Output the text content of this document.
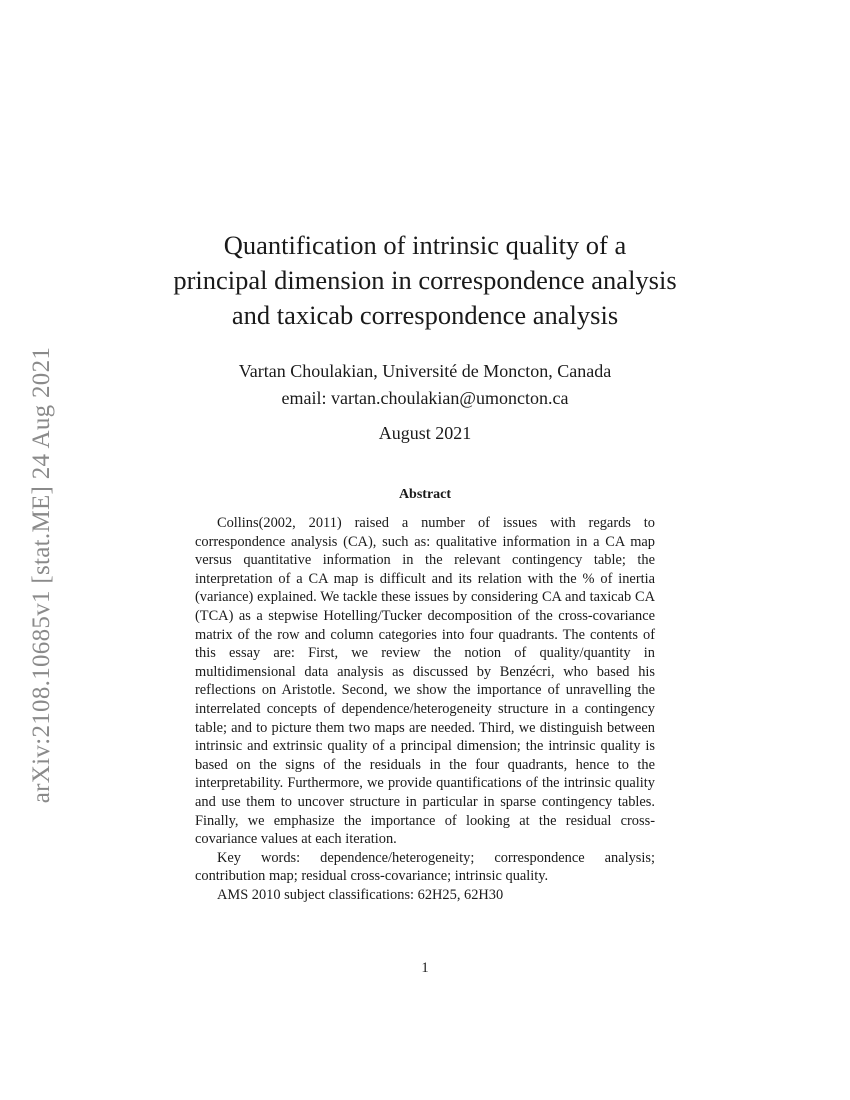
arXiv:2108.10685v1 [stat.ME] 24 Aug 2021
Quantification of intrinsic quality of a
principal dimension in correspondence analysis
and taxicab correspondence analysis
Vartan Choulakian, Université de Moncton, Canada
email: vartan.choulakian@umoncton.ca
August 2021
Abstract

Collins(2002, 2011) raised a number of issues with regards to correspondence analysis (CA), such as: qualitative information in a CA map versus quantitative information in the relevant contingency table; the interpretation of a CA map is difficult and its relation with the % of inertia (variance) explained. We tackle these issues by considering CA and taxicab CA (TCA) as a stepwise Hotelling/Tucker decomposition of the cross-covariance matrix of the row and column categories into four quadrants. The contents of this essay are: First, we review the notion of quality/quantity in multidimensional data analysis as discussed by Benzécri, who based his reflections on Aristotle. Second, we show the importance of unravelling the interrelated concepts of dependence/heterogeneity structure in a contingency table; and to picture them two maps are needed. Third, we distinguish between intrinsic and extrinsic quality of a principal dimension; the intrinsic quality is based on the signs of the residuals in the four quadrants, hence to the interpretability. Furthermore, we provide quantifications of the intrinsic quality and use them to uncover structure in particular in sparse contingency tables. Finally, we emphasize the importance of looking at the residual cross-covariance values at each iteration.

Key words: dependence/heterogeneity; correspondence analysis; contribution map; residual cross-covariance; intrinsic quality.

AMS 2010 subject classifications: 62H25, 62H30

1
